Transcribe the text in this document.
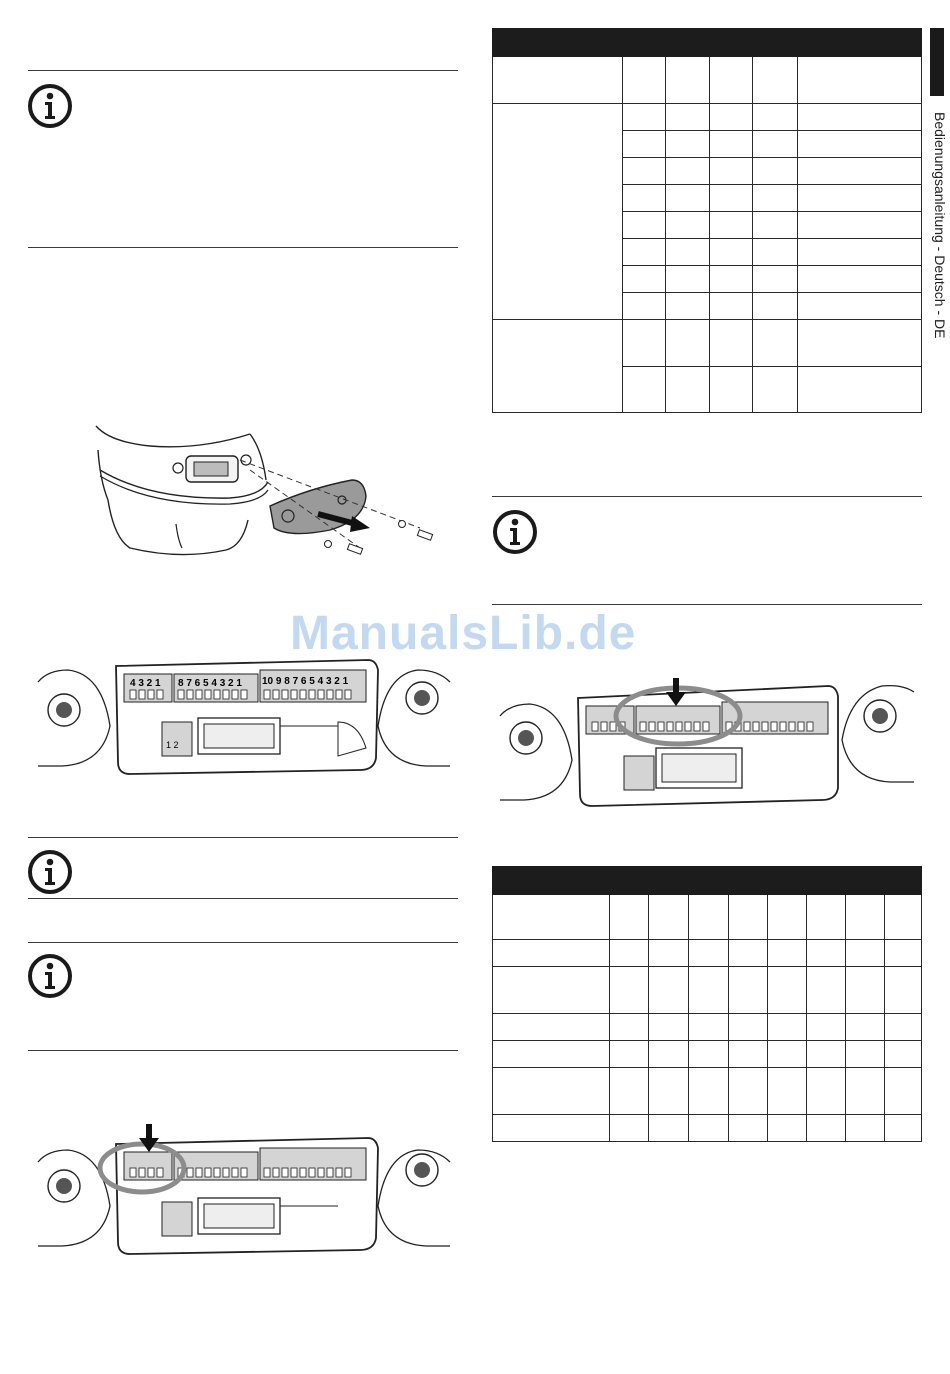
Bedienungsanleitung - Deutsch - DE
4 3 2 1 8 7 6 5 4 3 2 1 10 9 8 7 6 5 4 3 2 1
1 2

ManualsLib.de
